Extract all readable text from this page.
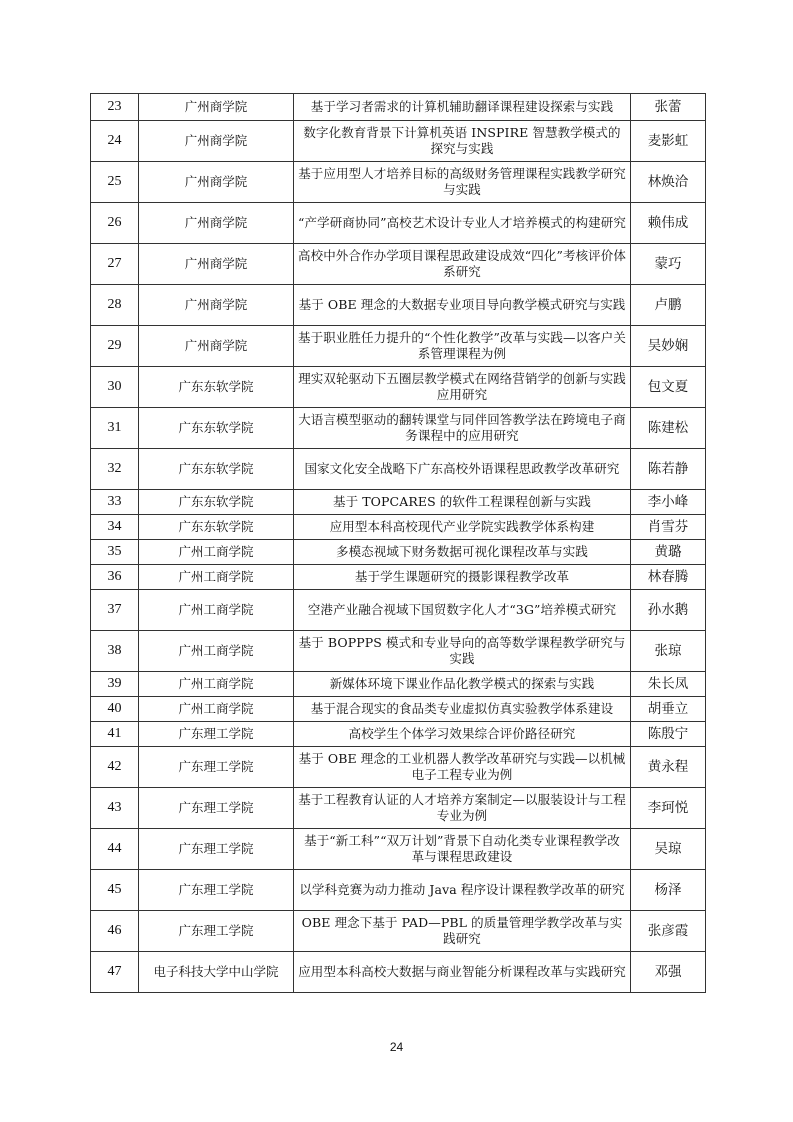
23	广州商学院	基于学习者需求的计算机辅助翻译课程建设探索与实践	张蕾
24	广州商学院	数字化教育背景下计算机英语 INSPIRE 智慧教学模式的探究与实践	麦影虹
25	广州商学院	基于应用型人才培养目标的高级财务管理课程实践教学研究与实践	林焕洽
26	广州商学院	“产学研商协同”高校艺术设计专业人才培养模式的构建研究	赖伟成
27	广州商学院	高校中外合作办学项目课程思政建设成效“四化”考核评价体系研究	蒙巧
28	广州商学院	基于 OBE 理念的大数据专业项目导向教学模式研究与实践	卢鹏
29	广州商学院	基于职业胜任力提升的“个性化教学”改革与实践—以客户关系管理课程为例	吴妙娴
30	广东东软学院	理实双轮驱动下五圈层教学模式在网络营销学的创新与实践应用研究	包文夏
31	广东东软学院	大语言模型驱动的翻转课堂与同伴回答教学法在跨境电子商务课程中的应用研究	陈建松
32	广东东软学院	国家文化安全战略下广东高校外语课程思政教学改革研究	陈若静
33	广东东软学院	基于 TOPCARES 的软件工程课程创新与实践	李小峰
34	广东东软学院	应用型本科高校现代产业学院实践教学体系构建	肖雪芬
35	广州工商学院	多模态视域下财务数据可视化课程改革与实践	黄璐
36	广州工商学院	基于学生课题研究的摄影课程教学改革	林春腾
37	广州工商学院	空港产业融合视域下国贸数字化人才“3G”培养模式研究	孙水鹅
38	广州工商学院	基于 BOPPPS 模式和专业导向的高等数学课程教学研究与实践	张琼
39	广州工商学院	新媒体环境下课业作品化教学模式的探索与实践	朱长凤
40	广州工商学院	基于混合现实的食品类专业虚拟仿真实验教学体系建设	胡垂立
41	广东理工学院	高校学生个体学习效果综合评价路径研究	陈殷宁
42	广东理工学院	基于 OBE 理念的工业机器人教学改革研究与实践—以机械电子工程专业为例	黄永程
43	广东理工学院	基于工程教育认证的人才培养方案制定—以服装设计与工程专业为例	李珂悦
44	广东理工学院	基于“新工科”“双万计划”背景下自动化类专业课程教学改革与课程思政建设	吴琼
45	广东理工学院	以学科竞赛为动力推动 Java 程序设计课程教学改革的研究	杨泽
46	广东理工学院	OBE 理念下基于 PAD—PBL 的质量管理学教学改革与实践研究	张彦霞
47	电子科技大学中山学院	应用型本科高校大数据与商业智能分析课程改革与实践研究	邓强
24
